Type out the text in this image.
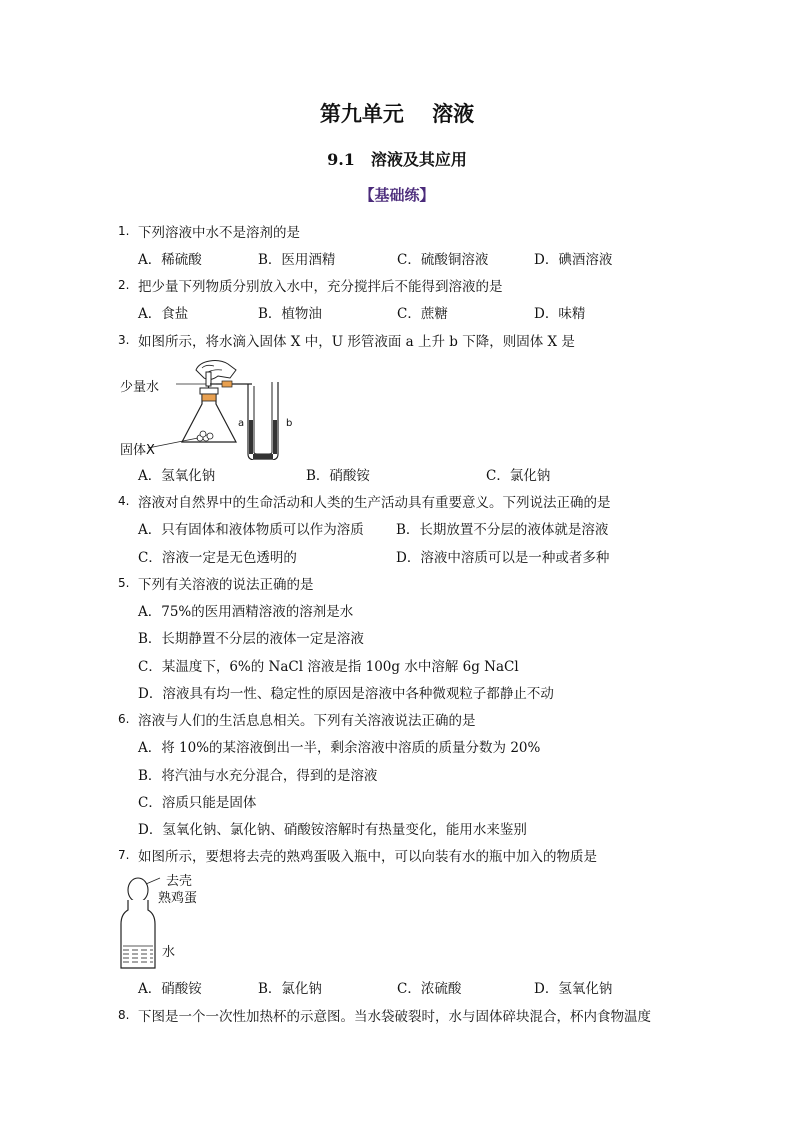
第九单元　 溶液
9.1　溶液及其应用
【基础练】
1. 下列溶液中水不是溶剂的是
A．稀硫酸	B．医用酒精	C．硫酸铜溶液	D．碘酒溶液
2. 把少量下列物质分别放入水中，充分搅拌后不能得到溶液的是
A．食盐	B．植物油	C．蔗糖	D．味精
3. 如图所示，将水滴入固体 X 中，U 形管液面 a 上升 b 下降，则固体 X 是
a	b
少量水
固体X
A．氢氧化钠	B．硝酸铵	C．氯化钠
4. 溶液对自然界中的生命活动和人类的生产活动具有重要意义。下列说法正确的是
A．只有固体和液体物质可以作为溶质 B．长期放置不分层的液体就是溶液
C．溶液一定是无色透明的	D．溶液中溶质可以是一种或者多种
5. 下列有关溶液的说法正确的是
A．75%的医用酒精溶液的溶剂是水
B．长期静置不分层的液体一定是溶液
C．某温度下，6%的 NaCl 溶液是指 100g 水中溶解 6g NaCl
D．溶液具有均一性、稳定性的原因是溶液中各种微观粒子都静止不动
6. 溶液与人们的生活息息相关。下列有关溶液说法正确的是
A．将 10%的某溶液倒出一半，剩余溶液中溶质的质量分数为 20%
B．将汽油与水充分混合，得到的是溶液
C．溶质只能是固体
D．氢氧化钠、氯化钠、硝酸铵溶解时有热量变化，能用水来鉴别
7. 如图所示，要想将去壳的熟鸡蛋吸入瓶中，可以向装有水的瓶中加入的物质是
去壳
熟鸡蛋
水
A．硝酸铵	B．氯化钠	C．浓硫酸	D．氢氧化钠
8. 下图是一个一次性加热杯的示意图。当水袋破裂时，水与固体碎块混合，杯内食物温度
